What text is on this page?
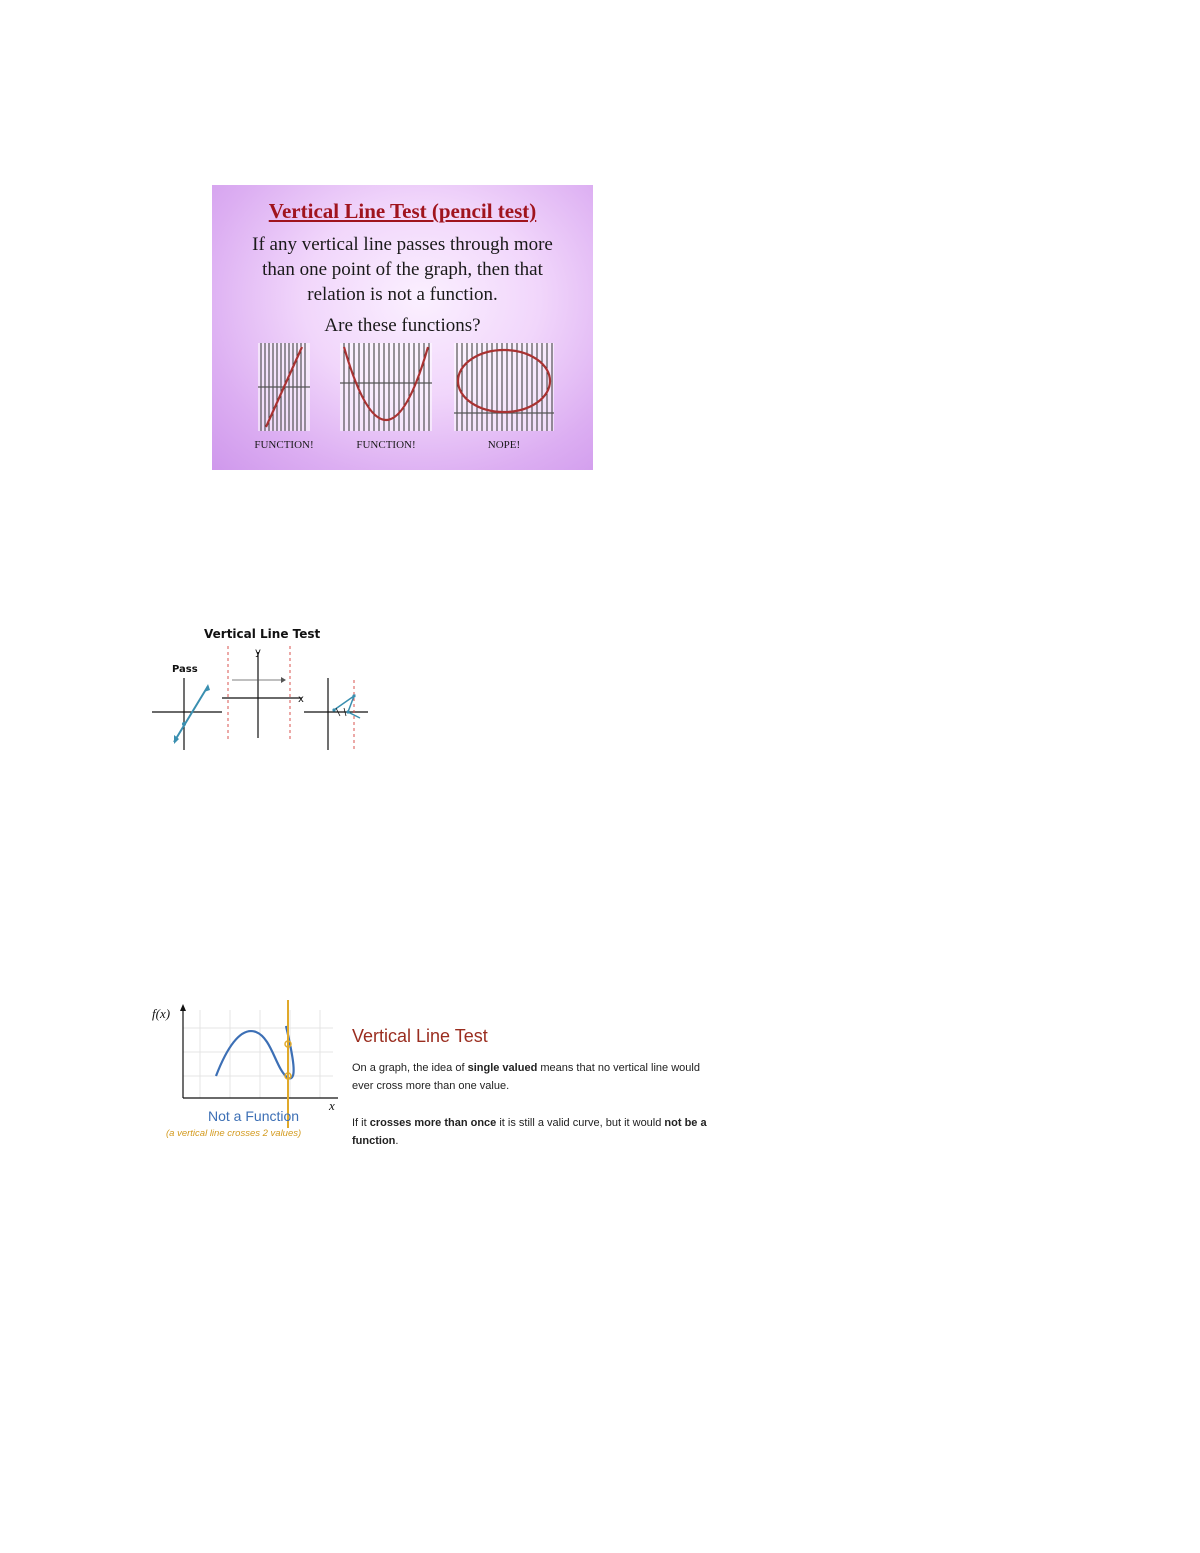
Vertical Line Test (pencil test)
If any vertical line passes through more
than one point of the graph, then that
relation is not a function.
Are these functions?
FUNCTION!	FUNCTION!	NOPE!
Vertical Line Test
Pass
y
x
f(x)
x
Not a Function
(a vertical line crosses 2 values)
Vertical Line Test
On a graph, the idea of single valued means that no vertical line would ever cross more than one value.
If it crosses more than once it is still a valid curve, but it would not be a function.
